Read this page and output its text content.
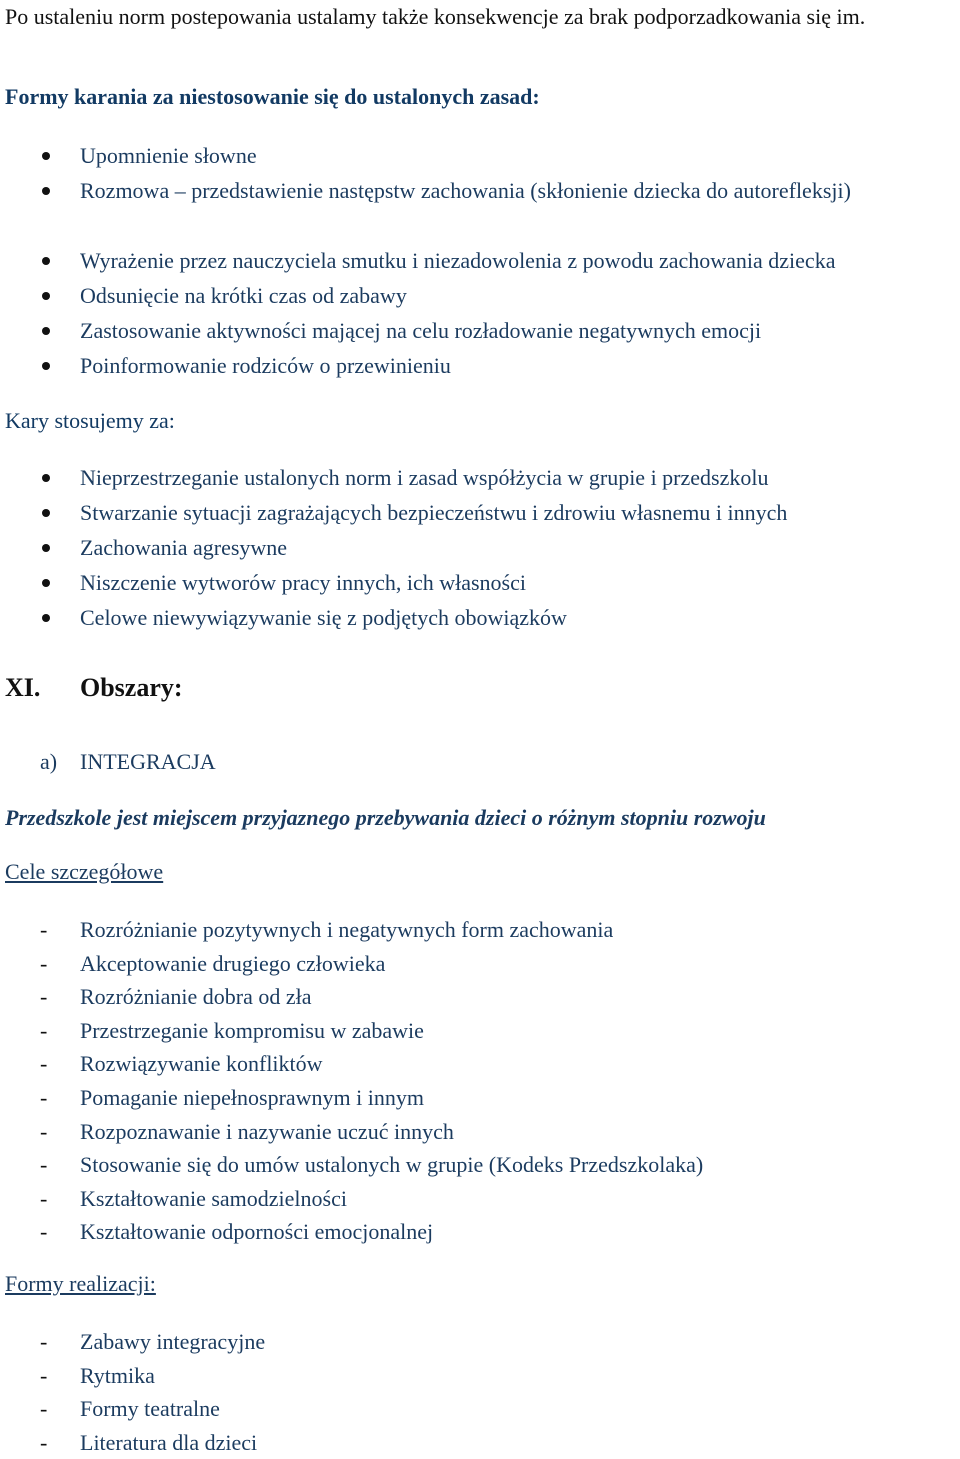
Po ustaleniu norm postepowania ustalamy także konsekwencje za brak podporzadkowania się im.
Formy karania za niestosowanie się do ustalonych zasad:
Upomnienie słowne
Rozmowa – przedstawienie następstw zachowania (skłonienie dziecka do autorefleksji)
Wyrażenie przez nauczyciela smutku i niezadowolenia z powodu zachowania dziecka
Odsunięcie na krótki czas od zabawy
Zastosowanie aktywności mającej na celu rozładowanie negatywnych emocji
Poinformowanie rodziców o przewinieniu
Kary stosujemy za:
Nieprzestrzeganie ustalonych norm i zasad współżycia w grupie i przedszkolu
Stwarzanie sytuacji zagrażających bezpieczeństwu i zdrowiu własnemu i innych
Zachowania agresywne
Niszczenie wytworów pracy innych, ich własności
Celowe niewywiązywanie się z podjętych obowiązków
XI. Obszary:
a) INTEGRACJA
Przedszkole jest miejscem przyjaznego przebywania dzieci o różnym stopniu rozwoju
Cele szczegółowe
- Rozróżnianie pozytywnych i negatywnych form zachowania
- Akceptowanie drugiego człowieka
- Rozróżnianie dobra od zła
- Przestrzeganie kompromisu w zabawie
- Rozwiązywanie konfliktów
- Pomaganie niepełnosprawnym i innym
- Rozpoznawanie i nazywanie uczuć innych
- Stosowanie się do umów ustalonych w grupie (Kodeks Przedszkolaka)
- Kształtowanie samodzielności
- Kształtowanie odporności emocjonalnej
Formy realizacji:
- Zabawy integracyjne
- Rytmika
- Formy teatralne
- Literatura dla dzieci
